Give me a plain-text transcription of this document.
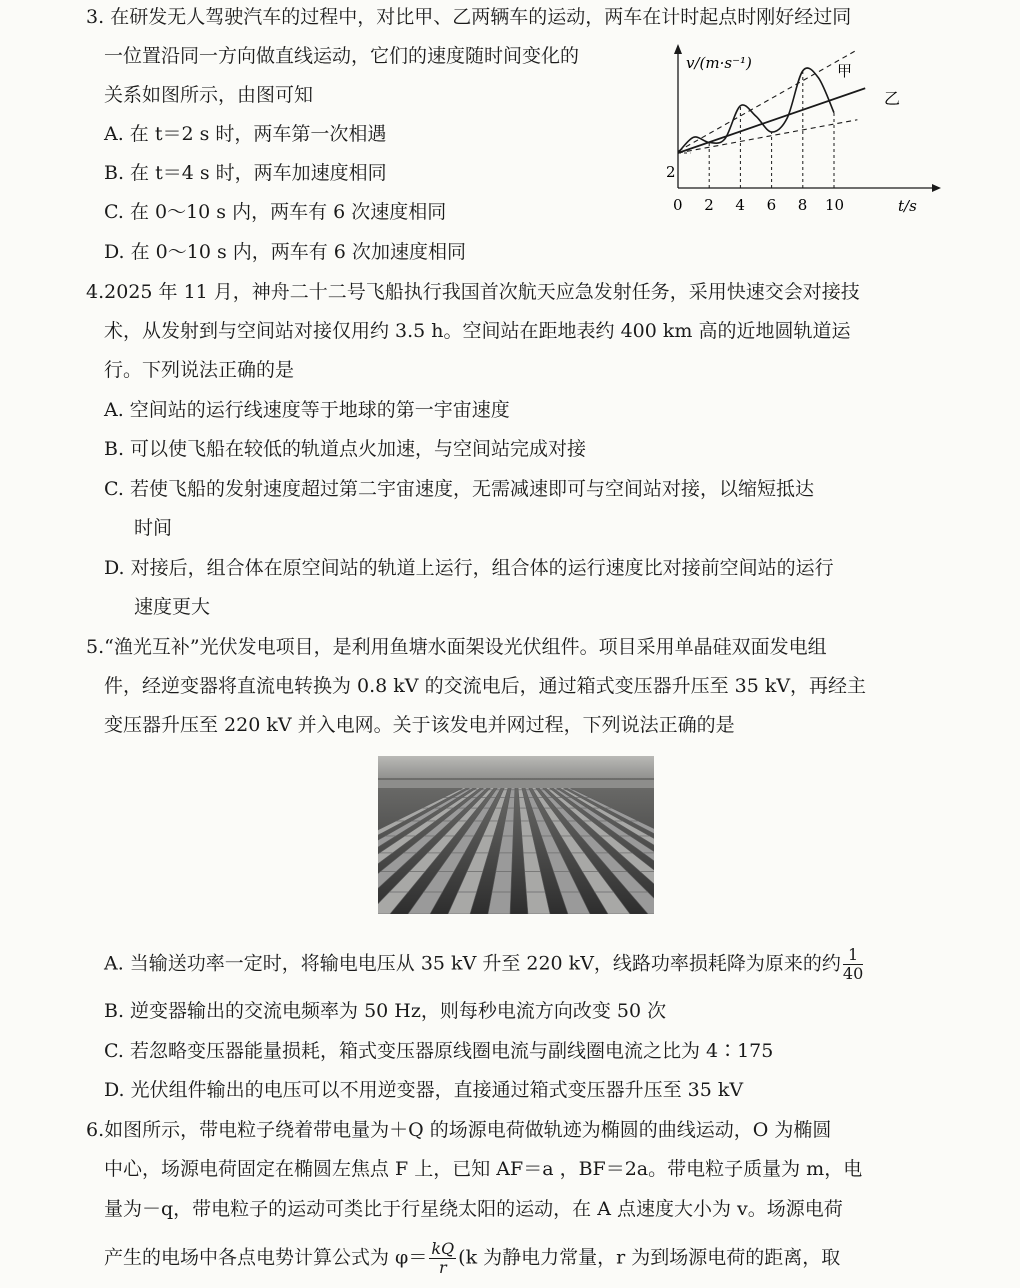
3. 在研发无人驾驶汽车的过程中，对比甲、乙两辆车的运动，两车在计时起点时刚好经过同
一位置沿同一方向做直线运动，它们的速度随时间变化的
关系如图所示，由图可知
A. 在 t＝2 s 时，两车第一次相遇
B. 在 t＝4 s 时，两车加速度相同
C. 在 0～10 s 内，两车有 6 次速度相同
D. 在 0～10 s 内，两车有 6 次加速度相同
v/(m·s⁻¹)
t/s
2
甲
乙
0 2 4 6 8 10
4.2025 年 11 月，神舟二十二号飞船执行我国首次航天应急发射任务，采用快速交会对接技
术，从发射到与空间站对接仅用约 3.5 h。空间站在距地表约 400 km 高的近地圆轨道运
行。下列说法正确的是
A. 空间站的运行线速度等于地球的第一宇宙速度
B. 可以使飞船在较低的轨道点火加速，与空间站完成对接
C. 若使飞船的发射速度超过第二宇宙速度，无需减速即可与空间站对接，以缩短抵达
时间
D. 对接后，组合体在原空间站的轨道上运行，组合体的运行速度比对接前空间站的运行
速度更大
5.“渔光互补”光伏发电项目，是利用鱼塘水面架设光伏组件。项目采用单晶硅双面发电组
件，经逆变器将直流电转换为 0.8 kV 的交流电后，通过箱式变压器升压至 35 kV，再经主
变压器升压至 220 kV 并入电网。关于该发电并网过程，下列说法正确的是
A. 当输送功率一定时，将输电电压从 35 kV 升至 220 kV，线路功率损耗降为原来的约 $\frac{1}{40}$
B. 逆变器输出的交流电频率为 50 Hz，则每秒电流方向改变 50 次
C. 若忽略变压器能量损耗，箱式变压器原线圈电流与副线圈电流之比为 4∶175
D. 光伏组件输出的电压可以不用逆变器，直接通过箱式变压器升压至 35 kV
6.如图所示，带电粒子绕着带电量为＋Q 的场源电荷做轨迹为椭圆的曲线运动，O 为椭圆
中心，场源电荷固定在椭圆左焦点 F 上，已知 AF＝a ，BF＝2a。带电粒子质量为 m，电
量为－q，带电粒子的运动可类比于行星绕太阳的运动，在 A 点速度大小为 v。场源电荷
产生的电场中各点电势计算公式为 $\varphi= \frac{kQ}{r} (k$ 为静电力常量，r 为到场源电荷的距离，取
